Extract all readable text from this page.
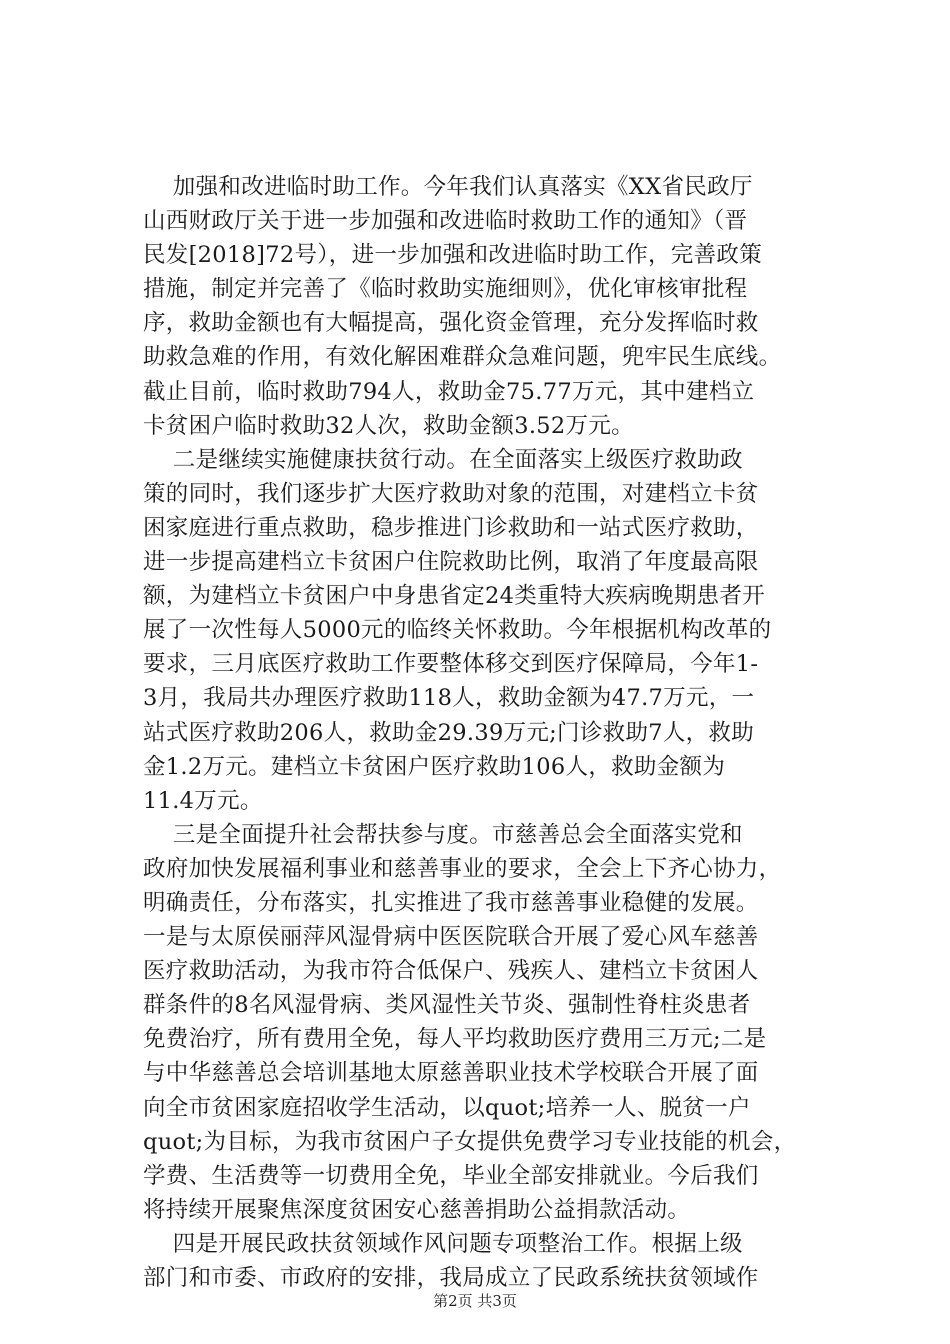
加强和改进临时助工作。今年我们认真落实《XX省民政厅
山西财政厅关于进一步加强和改进临时救助工作的通知》（晋
民发[2018]72号），进一步加强和改进临时助工作，完善政策
措施，制定并完善了《临时救助实施细则》，优化审核审批程
序，救助金额也有大幅提高，强化资金管理，充分发挥临时救
助救急难的作用，有效化解困难群众急难问题，兜牢民生底线。
截止目前，临时救助794人，救助金75.77万元，其中建档立
卡贫困户临时救助32人次，救助金额3.52万元。
二是继续实施健康扶贫行动。在全面落实上级医疗救助政
策的同时，我们逐步扩大医疗救助对象的范围，对建档立卡贫
困家庭进行重点救助，稳步推进门诊救助和一站式医疗救助，
进一步提高建档立卡贫困户住院救助比例，取消了年度最高限
额，为建档立卡贫困户中身患省定24类重特大疾病晚期患者开
展了一次性每人5000元的临终关怀救助。今年根据机构改革的
要求，三月底医疗救助工作要整体移交到医疗保障局，今年1-
3月，我局共办理医疗救助118人，救助金额为47.7万元，一
站式医疗救助206人，救助金29.39万元;门诊救助7人，救助
金1.2万元。建档立卡贫困户医疗救助106人，救助金额为
11.4万元。
三是全面提升社会帮扶参与度。市慈善总会全面落实党和
政府加快发展福利事业和慈善事业的要求，全会上下齐心协力，
明确责任，分布落实，扎实推进了我市慈善事业稳健的发展。
一是与太原侯丽萍风湿骨病中医医院联合开展了爱心风车慈善
医疗救助活动，为我市符合低保户、残疾人、建档立卡贫困人
群条件的8名风湿骨病、类风湿性关节炎、强制性脊柱炎患者
免费治疗，所有费用全免，每人平均救助医疗费用三万元;二是
与中华慈善总会培训基地太原慈善职业技术学校联合开展了面
向全市贫困家庭招收学生活动，以quot;培养一人、脱贫一户
quot;为目标，为我市贫困户子女提供免费学习专业技能的机会，
学费、生活费等一切费用全免，毕业全部安排就业。今后我们
将持续开展聚焦深度贫困安心慈善捐助公益捐款活动。
四是开展民政扶贫领域作风问题专项整治工作。根据上级
部门和市委、市政府的安排，我局成立了民政系统扶贫领域作
第2页 共3页
